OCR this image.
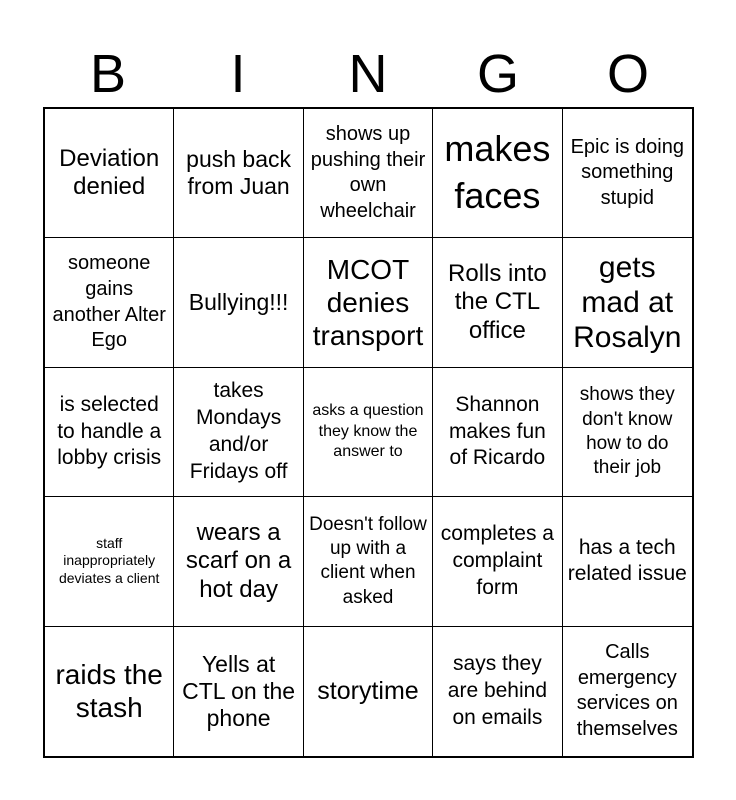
B	I	N	G	O
Deviation denied
push back from Juan
shows up pushing their own wheelchair
makes faces
Epic is doing something stupid
someone gains another Alter Ego
Bullying!!!
MCOT denies transport
Rolls into the CTL office
gets mad at Rosalyn
is selected to handle a lobby crisis
takes Mondays and/or Fridays off
asks a question they know the answer to
Shannon makes fun of Ricardo
shows they don't know how to do their job
staff inappropriately deviates a client
wears a scarf on a hot day
Doesn't follow up with a client when asked
completes a complaint form
has a tech related issue
raids the stash
Yells at CTL on the phone
storytime
says they are behind on emails
Calls emergency services on themselves
